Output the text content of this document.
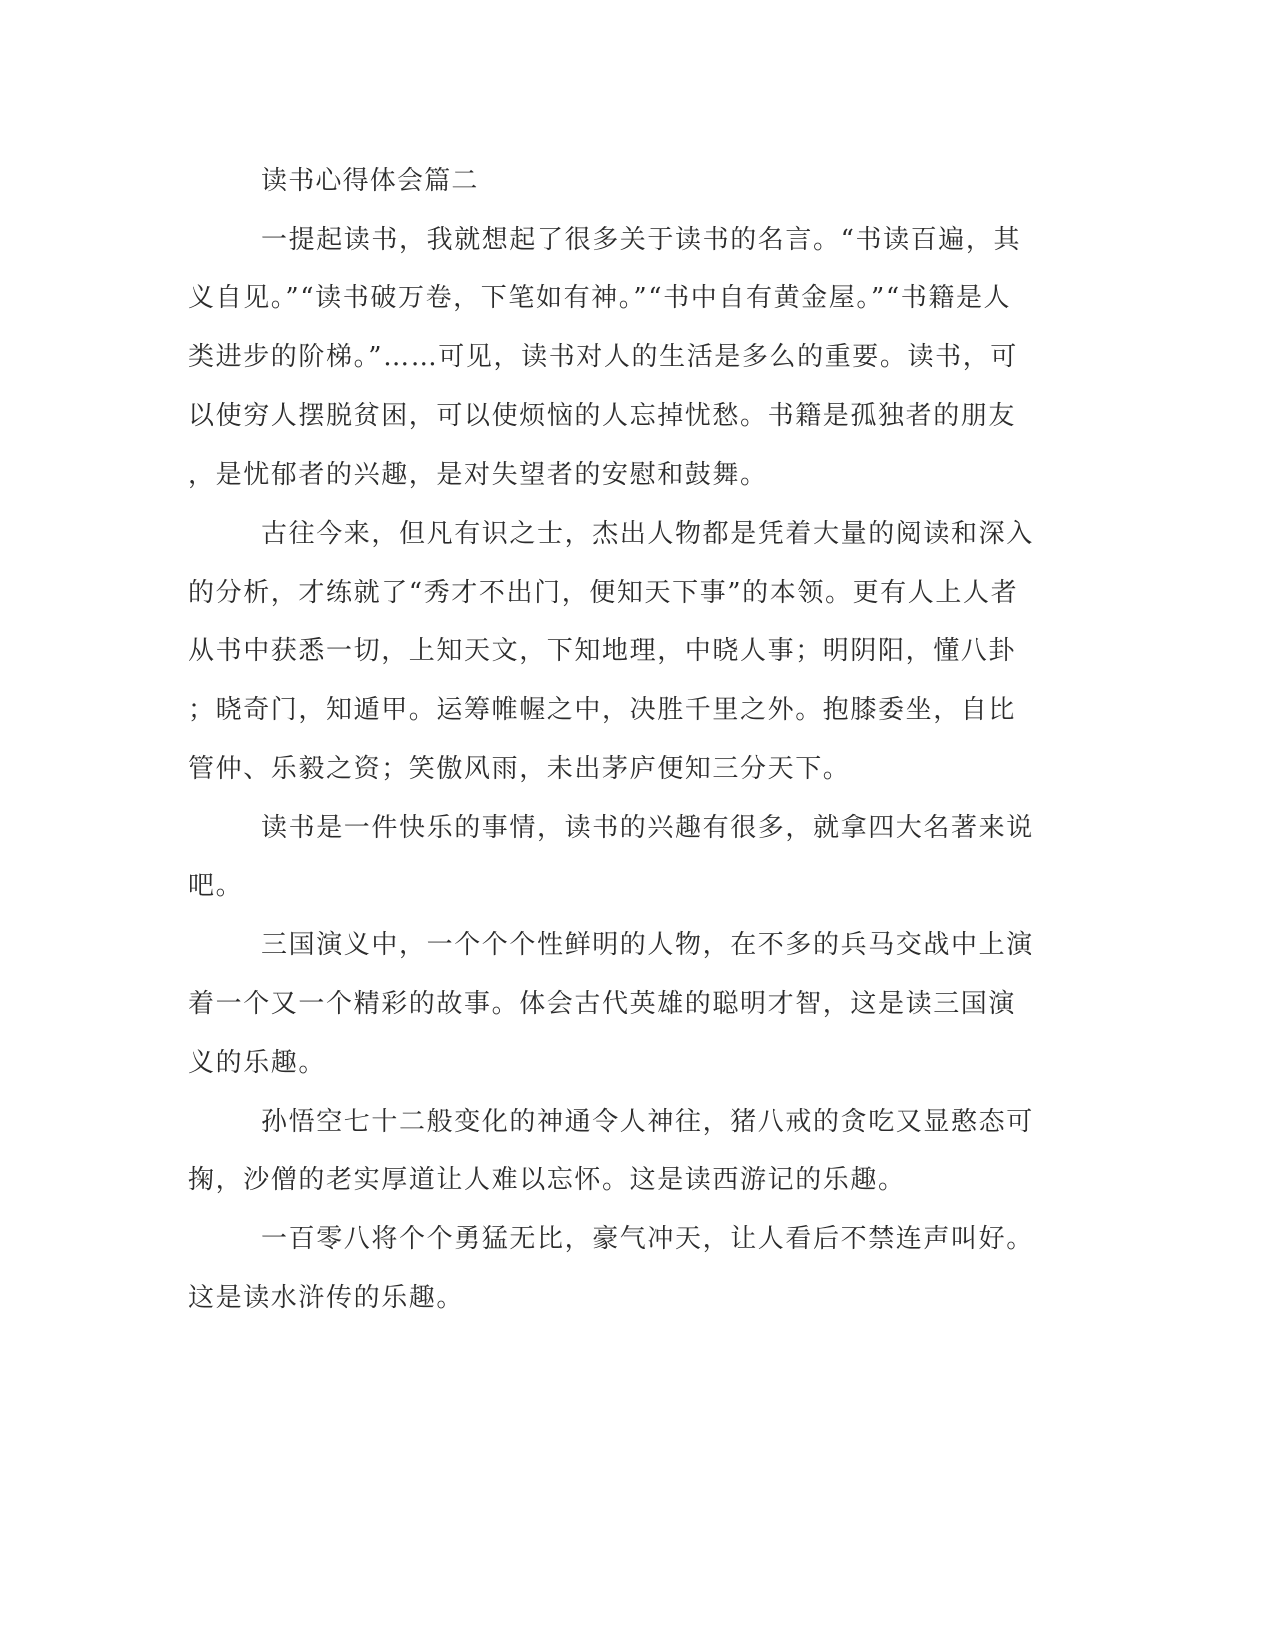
读书心得体会篇二
一提起读书，我就想起了很多关于读书的名言。“书读百遍，其
义自见。”“读书破万卷，下笔如有神。”“书中自有黄金屋。”“书籍是人
类进步的阶梯。”……可见，读书对人的生活是多么的重要。读书，可
以使穷人摆脱贫困，可以使烦恼的人忘掉忧愁。书籍是孤独者的朋友
，是忧郁者的兴趣，是对失望者的安慰和鼓舞。
古往今来，但凡有识之士，杰出人物都是凭着大量的阅读和深入
的分析，才练就了“秀才不出门，便知天下事”的本领。更有人上人者
从书中获悉一切，上知天文，下知地理，中晓人事；明阴阳，懂八卦
；晓奇门，知遁甲。运筹帷幄之中，决胜千里之外。抱膝委坐，自比
管仲、乐毅之资；笑傲风雨，未出茅庐便知三分天下。
读书是一件快乐的事情，读书的兴趣有很多，就拿四大名著来说
吧。
三国演义中，一个个个性鲜明的人物，在不多的兵马交战中上演
着一个又一个精彩的故事。体会古代英雄的聪明才智，这是读三国演
义的乐趣。
孙悟空七十二般变化的神通令人神往，猪八戒的贪吃又显憨态可
掬，沙僧的老实厚道让人难以忘怀。这是读西游记的乐趣。
一百零八将个个勇猛无比，豪气冲天，让人看后不禁连声叫好。
这是读水浒传的乐趣。
